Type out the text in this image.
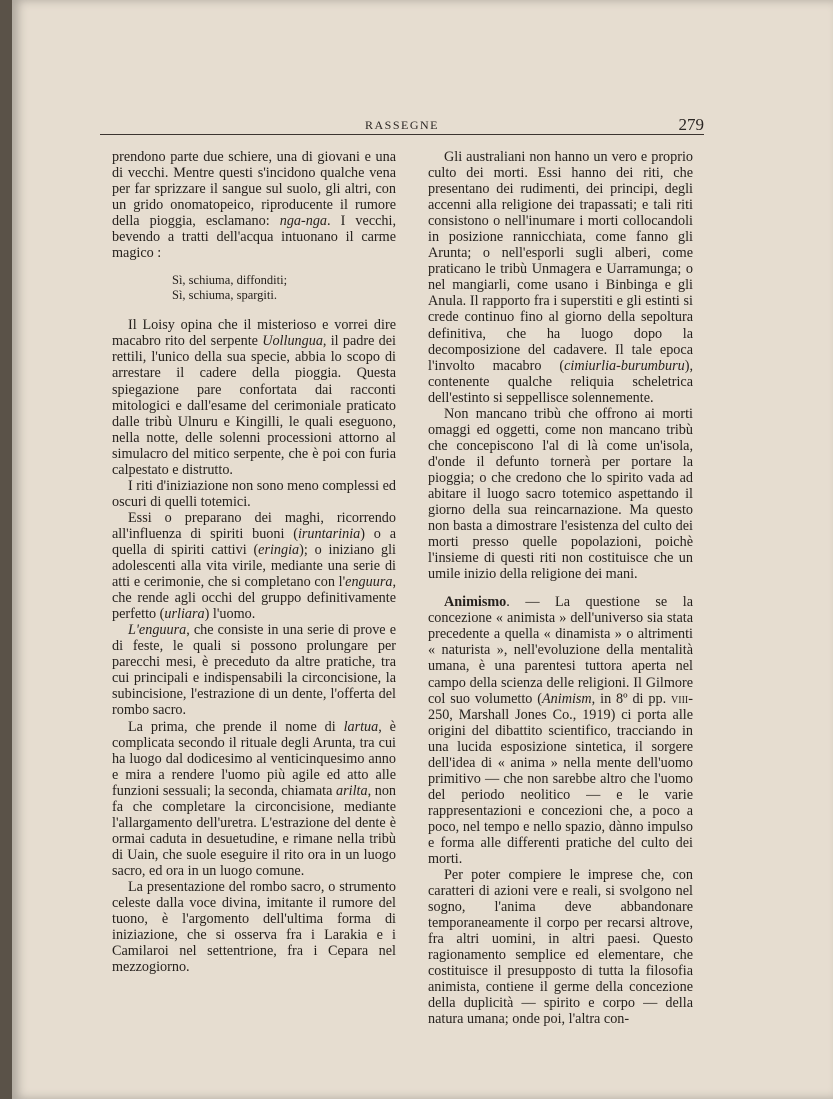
RASSEGNE	279

prendono parte due schiere, una di giovani e una di vecchi. Mentre questi s'incidono qualche vena per far sprizzare il sangue sul suolo, gli altri, con un grido onomatopeico, riproducente il rumore della pioggia, esclamano: nga-nga. I vecchi, bevendo a tratti dell'acqua intuonano il carme magico :

Sì, schiuma, diffonditi;
Sì, schiuma, spargiti.

Il Loisy opina che il misterioso e vorrei dire macabro rito del serpente Uollungua, il padre dei rettili, l'unico della sua specie, abbia lo scopo di arrestare il cadere della pioggia. Questa spiegazione pare confortata dai racconti mitologici e dall'esame del cerimoniale praticato dalle tribù Ulnuru e Kingilli, le quali eseguono, nella notte, delle solenni processioni attorno al simulacro del mitico serpente, che è poi con furia calpestato e distrutto.

I riti d'iniziazione non sono meno complessi ed oscuri di quelli totemici.

Essi o preparano dei maghi, ricorrendo all'influenza di spiriti buoni (iruntarinia) o a quella di spiriti cattivi (eringia); o iniziano gli adolescenti alla vita virile, mediante una serie di atti e cerimonie, che si completano con l'enguura, che rende agli occhi del gruppo definitivamente perfetto (urliara) l'uomo.

L'enguura, che consiste in una serie di prove e di feste, le quali si possono prolungare per parecchi mesi, è preceduto da altre pratiche, tra cui principali e indispensabili la circoncisione, la subincisione, l'estrazione di un dente, l'offerta del rombo sacro.

La prima, che prende il nome di lartua, è complicata secondo il rituale degli Arunta, tra cui ha luogo dal dodicesimo al venticinquesimo anno e mira a rendere l'uomo più agile ed atto alle funzioni sessuali; la seconda, chiamata arilta, non fa che completare la circoncisione, mediante l'allargamento dell'uretra. L'estrazione del dente è ormai caduta in desuetudine, e rimane nella tribù di Uain, che suole eseguire il rito ora in un luogo sacro, ed ora in un luogo comune.

La presentazione del rombo sacro, o strumento celeste dalla voce divina, imitante il rumore del tuono, è l'argomento dell'ultima forma di iniziazione, che si osserva fra i Larakia e i Camilaroi nel settentrione, fra i Cepara nel mezzogiorno.

Gli australiani non hanno un vero e proprio culto dei morti. Essi hanno dei riti, che presentano dei rudimenti, dei principi, degli accenni alla religione dei trapassati; e tali riti consistono o nell'inumare i morti collocandoli in posizione rannicchiata, come fanno gli Arunta; o nell'esporli sugli alberi, come praticano le tribù Unmagera e Uarramunga; o nel mangiarli, come usano i Binbinga e gli Anula. Il rapporto fra i superstiti e gli estinti si crede continuo fino al giorno della sepoltura definitiva, che ha luogo dopo la decomposizione del cadavere. Il tale epoca l'involto macabro (cimiurlia-burumburu), contenente qualche reliquia scheletrica dell'estinto si seppellisce solennemente.

Non mancano tribù che offrono ai morti omaggi ed oggetti, come non mancano tribù che concepiscono l'al di là come un'isola, d'onde il defunto tornerà per portare la pioggia; o che credono che lo spirito vada ad abitare il luogo sacro totemico aspettando il giorno della sua reincarnazione. Ma questo non basta a dimostrare l'esistenza del culto dei morti presso quelle popolazioni, poichè l'insieme di questi riti non costituisce che un umile inizio della religione dei mani.

Animismo. — La questione se la concezione « animista » dell'universo sia stata precedente a quella « dinamista » o altrimenti « naturista », nell'evoluzione della mentalità umana, è una parentesi tuttora aperta nel campo della scienza delle religioni. Il Gilmore col suo volumetto (Animism, in 8º di pp. viii-250, Marshall Jones Co., 1919) ci porta alle origini del dibattito scientifico, tracciando in una lucida esposizione sintetica, il sorgere dell'idea di « anima » nella mente dell'uomo primitivo — che non sarebbe altro che l'uomo del periodo neolitico — e le varie rappresentazioni e concezioni che, a poco a poco, nel tempo e nello spazio, dànno impulso e forma alle differenti pratiche del culto dei morti.

Per poter compiere le imprese che, con caratteri di azioni vere e reali, si svolgono nel sogno, l'anima deve abbandonare temporaneamente il corpo per recarsi altrove, fra altri uomini, in altri paesi. Questo ragionamento semplice ed elementare, che costituisce il presupposto di tutta la filosofia animista, contiene il germe della concezione della duplicità — spirito e corpo — della natura umana; onde poi, l'altra con-
